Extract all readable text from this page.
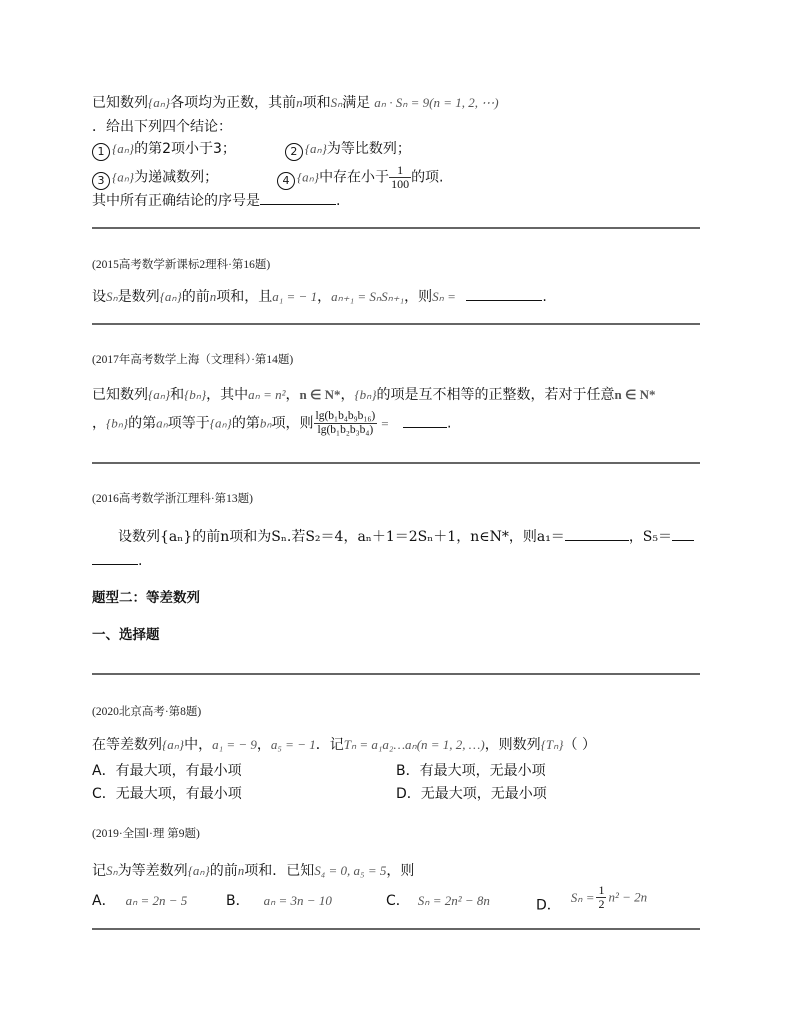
已知数列{aₙ}各项均为正数，其前n项和Sₙ满足 aₙ · Sₙ = 9(n = 1, 2, ⋯)
．给出下列四个结论：
1 {aₙ}的第2项小于3；	2 {aₙ}为等比数列；
3 {aₙ}为递减数列；	4 {aₙ}中存在小于 $\frac{1}{100}$ 的项.
其中所有正确结论的序号是	.
(2015高考数学新课标2理科·第16题)
设Sₙ是数列{aₙ}的前n项和，且a₁ = − 1，aₙ₊₁ = SₙSₙ₊₁，则Sₙ =	.
(2017年高考数学上海（文理科）·第14题)
已知数列{aₙ}和{bₙ}，其中aₙ = n²，n ∈ N*，{bₙ}的项是互不相等的正整数，若对于任意n ∈ N*
，{bₙ}的第aₙ项等于{aₙ}的第bₙ项，则 $\frac{\text{lg(b₁b₄b₉b₁₆)}}{\text{lg(b₁b₂b₃b₄)}}$ =	.
(2016高考数学浙江理科·第13题)
设数列{aₙ}的前n项和为Sₙ.若S₂＝4，aₙ＋1＝2Sₙ＋1，n∈N*，则a₁＝	，S₅＝
.
题型二：等差数列
一、选择题
(2020北京高考·第8题)
在等差数列{aₙ}中，a₁ = − 9，a₅ = − 1．记Tₙ = a₁a₂…aₙ(n = 1, 2, …)，则数列{Tₙ}（ ）
A．有最大项，有最小项	B．有最大项，无最小项
C．无最大项，有最小项	D．无最大项，无最小项
(2019·全国Ⅰ·理 第9题)
记Sₙ为等差数列{aₙ}的前n项和．已知S₄ = 0, a₅ = 5，则
A． aₙ = 2n − 5	B． aₙ = 3n − 10	C． Sₙ = 2n² − 8n	D．$S_n = \frac{1}{2} n^2 - 2n$
